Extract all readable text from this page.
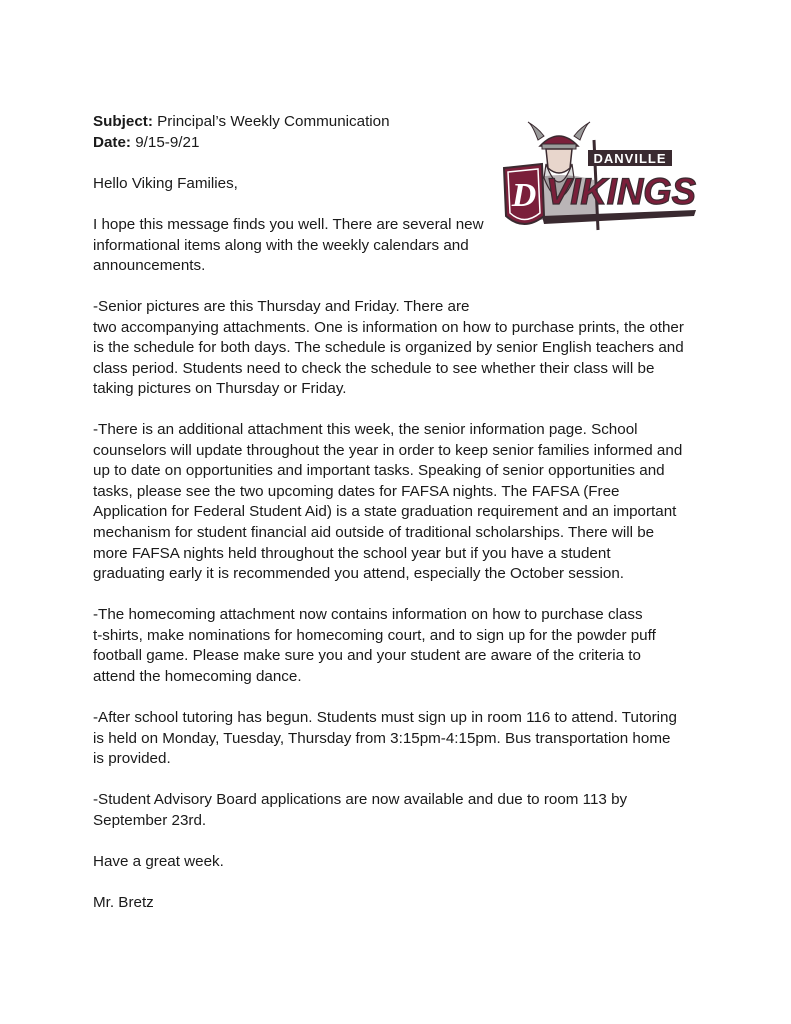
Subject: Principal’s Weekly Communication

Date: 9/15-9/21

Hello Viking Families,

I hope this message finds you well. There are several new

informational items along with the weekly calendars and

announcements.

-Senior pictures are this Thursday and Friday. There are

two accompanying attachments. One is information on how to purchase prints, the other

is the schedule for both days. The schedule is organized by senior English teachers and

class period. Students need to check the schedule to see whether their class will be

taking pictures on Thursday or Friday.

-There is an additional attachment this week, the senior information page. School

counselors will update throughout the year in order to keep senior families informed and

up to date on opportunities and important tasks. Speaking of senior opportunities and

tasks, please see the two upcoming dates for FAFSA nights. The FAFSA (Free

Application for Federal Student Aid) is a state graduation requirement and an important

mechanism for student financial aid outside of traditional scholarships. There will be

more FAFSA nights held throughout the school year but if you have a student

graduating early it is recommended you attend, especially the October session.

-The homecoming attachment now contains information on how to purchase class

t-shirts, make nominations for homecoming court, and to sign up for the powder puff

football game. Please make sure you and your student are aware of the criteria to

attend the homecoming dance.

-After school tutoring has begun. Students must sign up in room 116 to attend. Tutoring

is held on Monday, Tuesday, Thursday from 3:15pm-4:15pm. Bus transportation home

is provided.

-Student Advisory Board applications are now available and due to room 113 by

September 23rd.

Have a great week.

Mr. Bretz

D
DANVILLE
VIKINGS
